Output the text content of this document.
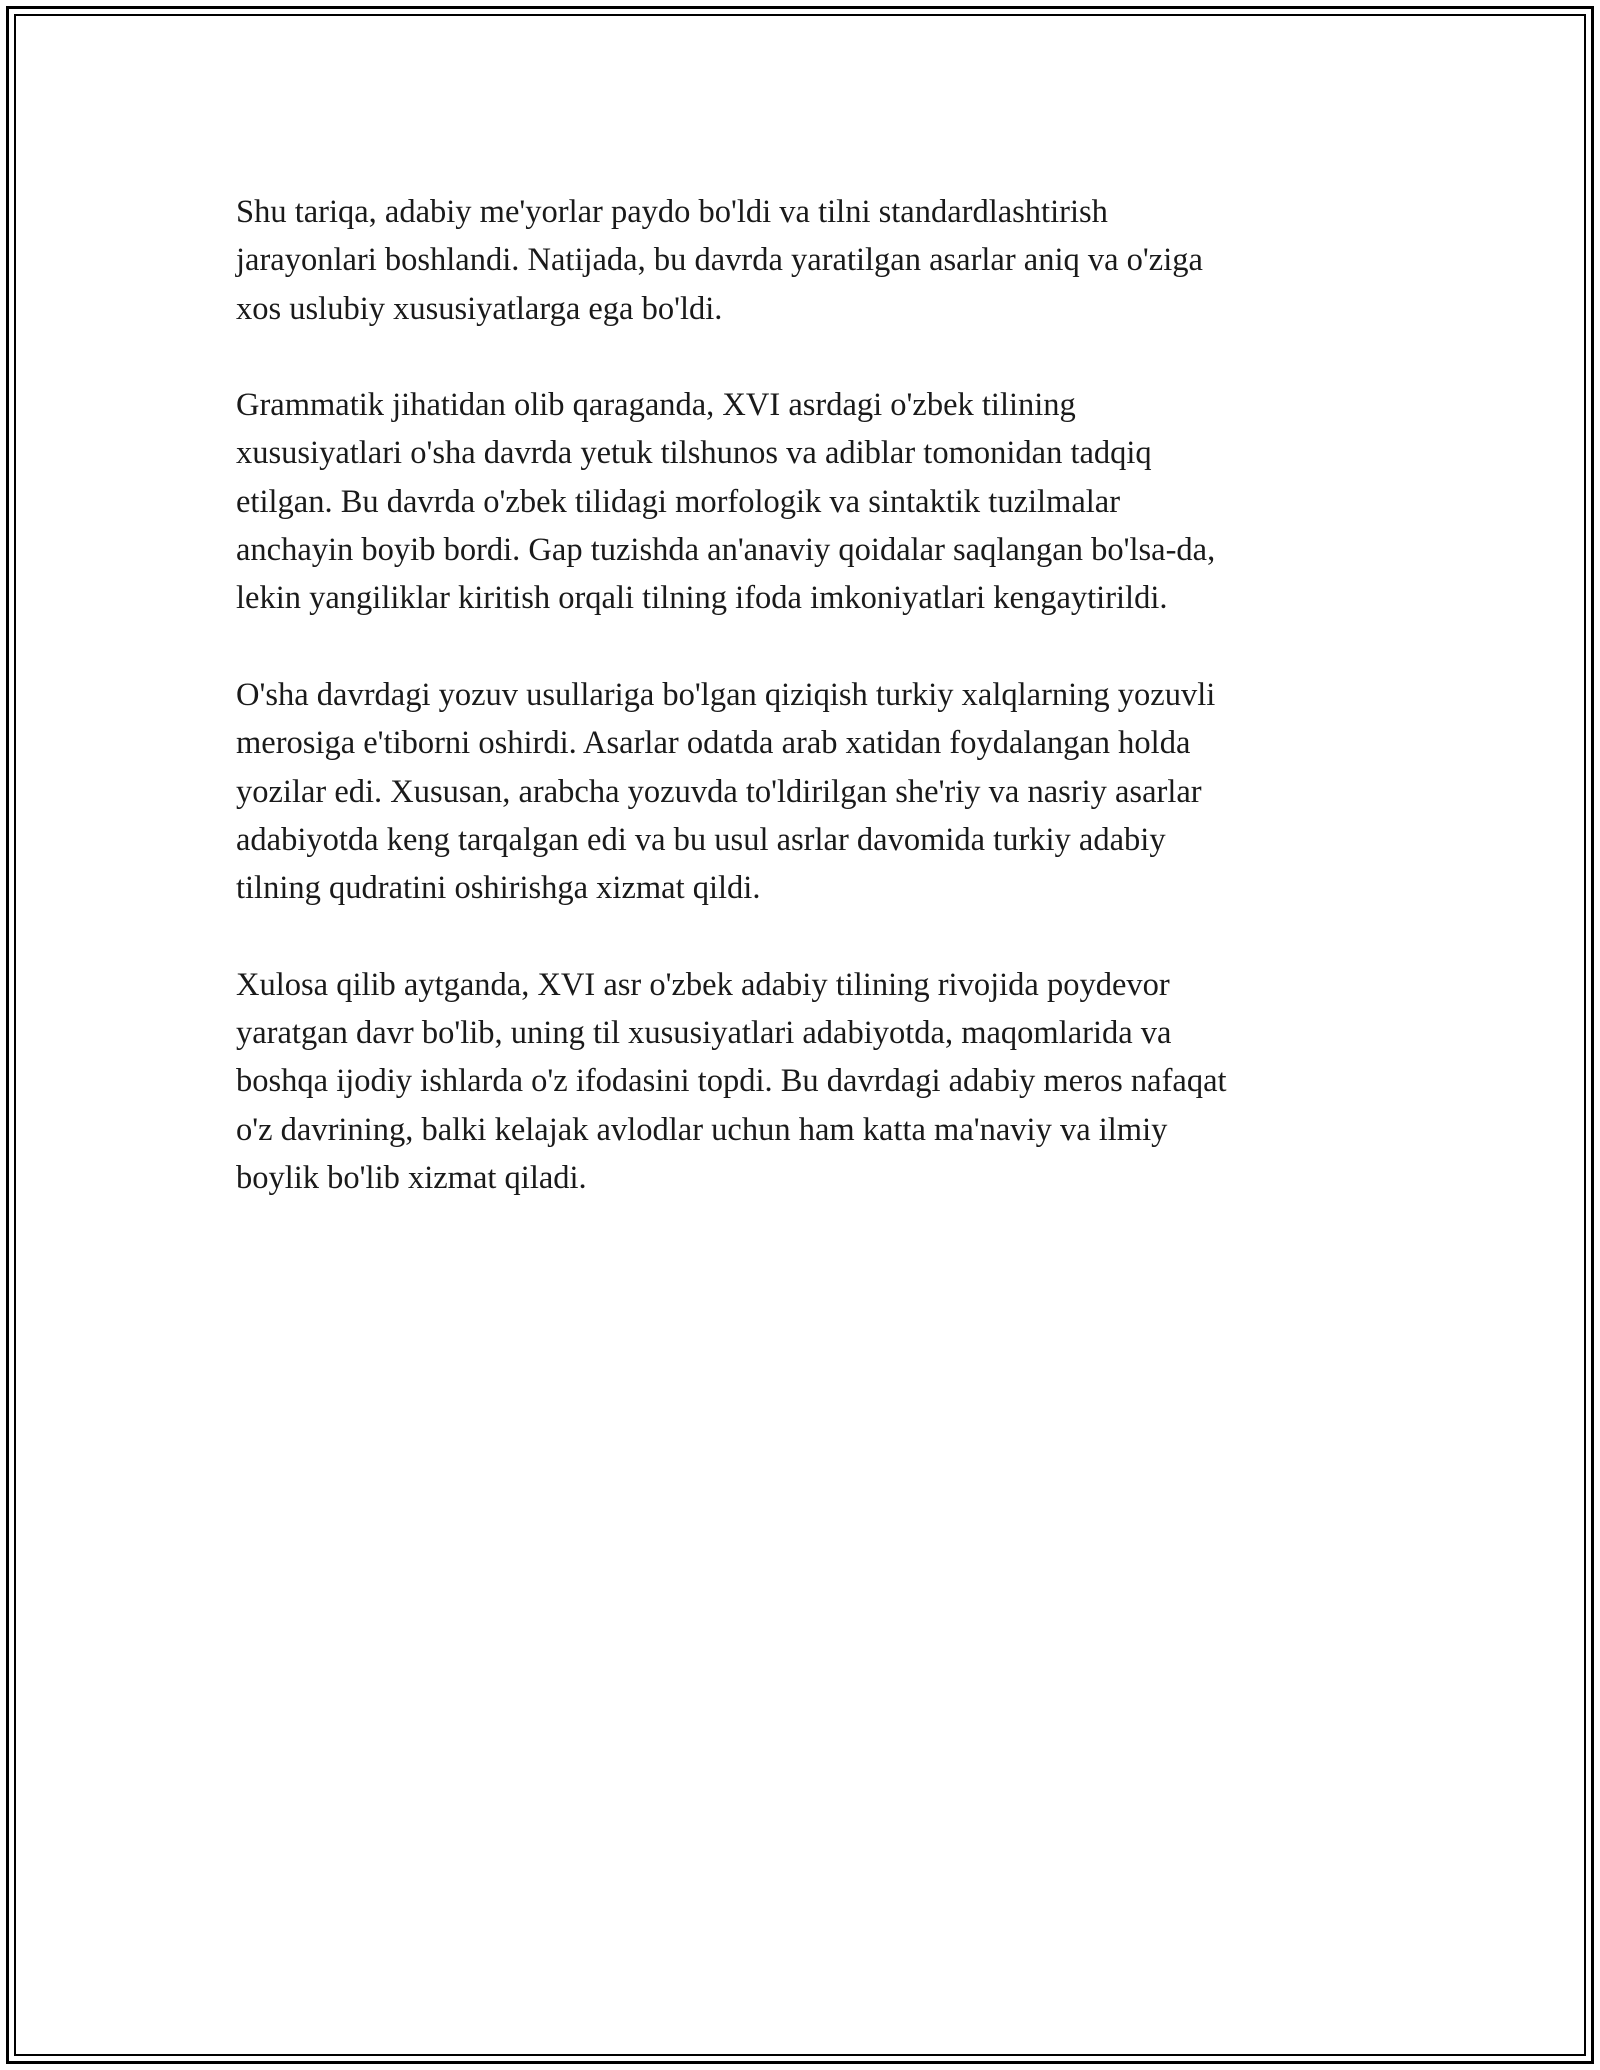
Shu tariqa, adabiy me'yorlar paydo bo'ldi va tilni standardlashtirish
jarayonlari boshlandi. Natijada, bu davrda yaratilgan asarlar aniq va o'ziga
xos uslubiy xususiyatlarga ega bo'ldi.

Grammatik jihatidan olib qaraganda, XVI asrdagi o'zbek tilining
xususiyatlari o'sha davrda yetuk tilshunos va adiblar tomonidan tadqiq
etilgan. Bu davrda o'zbek tilidagi morfologik va sintaktik tuzilmalar
anchayin boyib bordi. Gap tuzishda an'anaviy qoidalar saqlangan bo'lsa-da,
lekin yangiliklar kiritish orqali tilning ifoda imkoniyatlari kengaytirildi.

O'sha davrdagi yozuv usullariga bo'lgan qiziqish turkiy xalqlarning yozuvli
merosiga e'tiborni oshirdi. Asarlar odatda arab xatidan foydalangan holda
yozilar edi. Xususan, arabcha yozuvda to'ldirilgan she'riy va nasriy asarlar
adabiyotda keng tarqalgan edi va bu usul asrlar davomida turkiy adabiy
tilning qudratini oshirishga xizmat qildi.

Xulosa qilib aytganda, XVI asr o'zbek adabiy tilining rivojida poydevor
yaratgan davr bo'lib, uning til xususiyatlari adabiyotda, maqomlarida va
boshqa ijodiy ishlarda o'z ifodasini topdi. Bu davrdagi adabiy meros nafaqat
o'z davrining, balki kelajak avlodlar uchun ham katta ma'naviy va ilmiy
boylik bo'lib xizmat qiladi.
